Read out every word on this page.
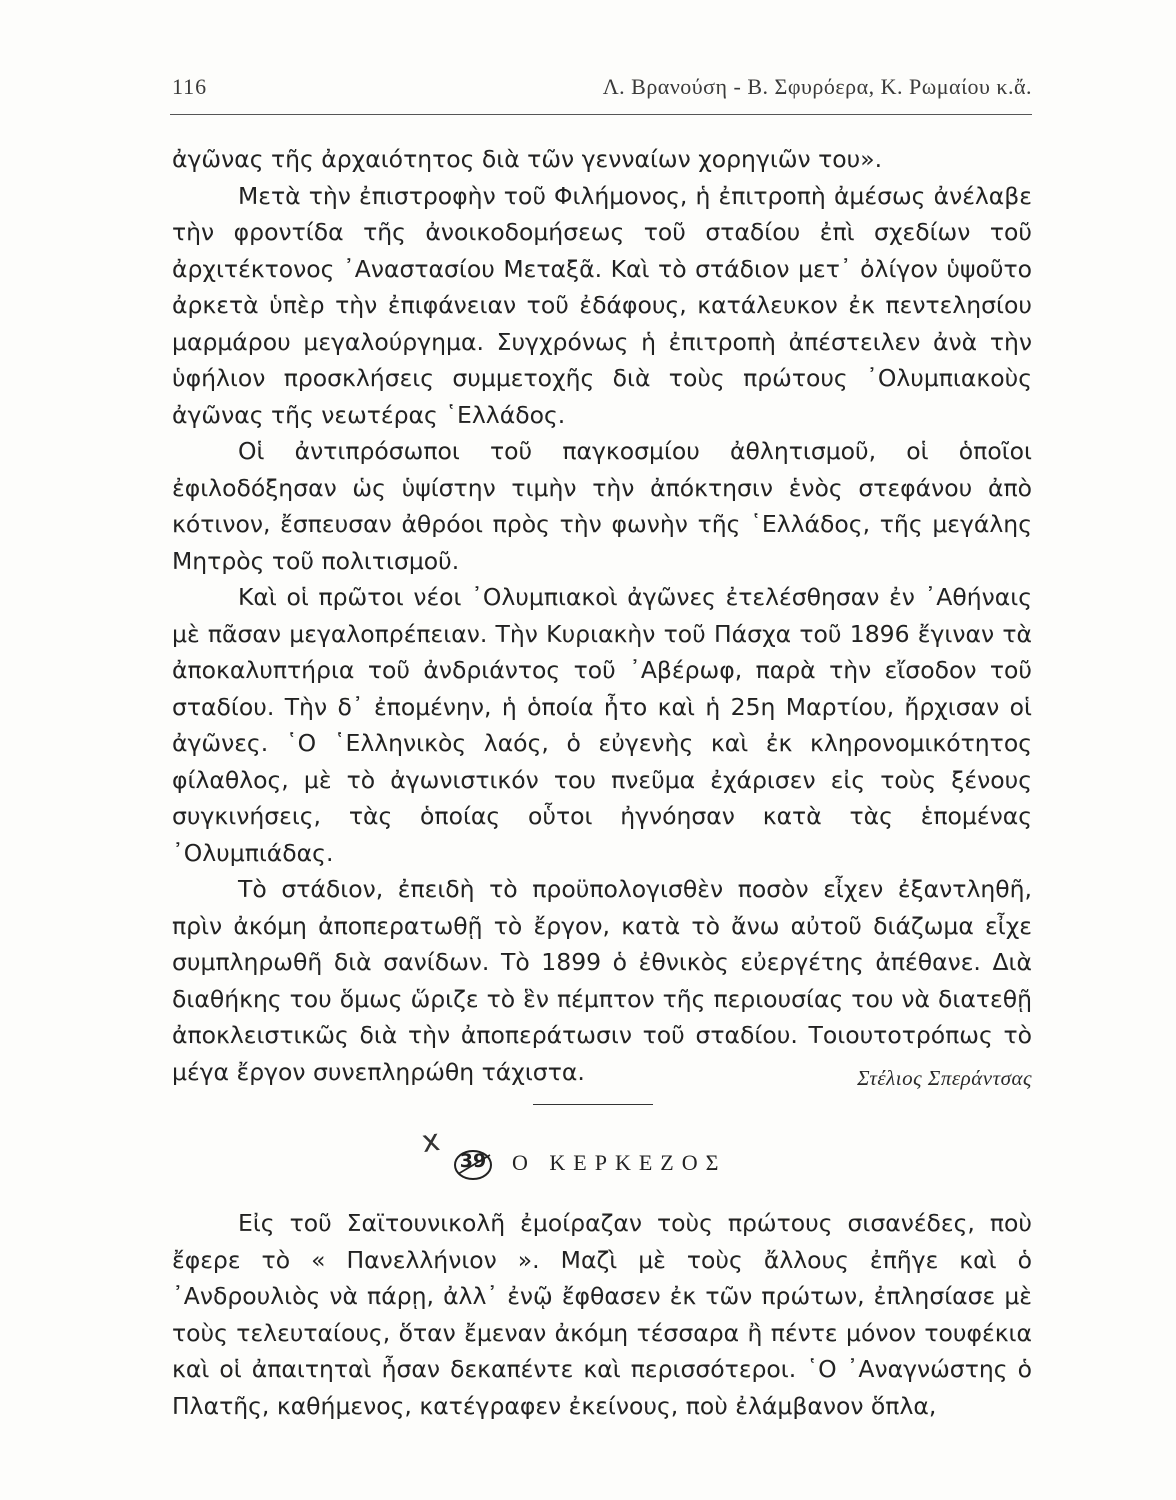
116	Λ. Βρανούση - Β. Σφυρόερα, Κ. Ρωμαίου κ.ἄ.

ἀγῶνας τῆς ἀρχαιότητος διὰ τῶν γενναίων χορηγιῶν του».

Μετὰ τὴν ἐπιστροφὴν τοῦ Φιλήμονος, ἡ ἐπιτροπὴ ἀμέσως ἀνέλαβε τὴν φροντίδα τῆς ἀνοικοδομήσεως τοῦ σταδίου ἐπὶ σχεδίων τοῦ ἀρχιτέκτονος ᾿Αναστασίου Μεταξᾶ. Καὶ τὸ στάδιον μετ᾿ ὀλίγον ὑψοῦτο ἀρκετὰ ὑπὲρ τὴν ἐπιφάνειαν τοῦ ἐδάφους, κατάλευκον ἐκ πεντελησίου μαρμάρου μεγαλούργημα. Συγχρόνως ἡ ἐπιτροπὴ ἀπέστειλεν ἀνὰ τὴν ὑφήλιον προσκλήσεις συμμετοχῆς διὰ τοὺς πρώτους ᾿Ολυμπιακοὺς ἀγῶνας τῆς νεωτέρας ῾Ελλάδος.

Οἱ ἀντιπρόσωποι τοῦ παγκοσμίου ἀθλητισμοῦ, οἱ ὁποῖοι ἐφιλοδόξησαν ὡς ὑψίστην τιμὴν τὴν ἀπόκτησιν ἑνὸς στεφάνου ἀπὸ κότινον, ἔσπευσαν ἀθρόοι πρὸς τὴν φωνὴν τῆς ῾Ελλάδος, τῆς μεγάλης Μητρὸς τοῦ πολιτισμοῦ.

Καὶ οἱ πρῶτοι νέοι ᾿Ολυμπιακοὶ ἀγῶνες ἐτελέσθησαν ἐν ᾿Αθήναις μὲ πᾶσαν μεγαλοπρέπειαν. Τὴν Κυριακὴν τοῦ Πάσχα τοῦ 1896 ἔγιναν τὰ ἀποκαλυπτήρια τοῦ ἀνδριάντος τοῦ ᾿Αβέρωφ, παρὰ τὴν εἴσοδον τοῦ σταδίου. Τὴν δ᾿ ἐπομένην, ἡ ὁποία ἦτο καὶ ἡ 25η Μαρτίου, ἤρχισαν οἱ ἀγῶνες. ῾Ο ῾Ελληνικὸς λαός, ὁ εὐγενὴς καὶ ἐκ κληρονομικότητος φίλαθλος, μὲ τὸ ἀγωνιστικόν του πνεῦμα ἐχάρισεν εἰς τοὺς ξένους συγκινήσεις, τὰς ὁποίας οὗτοι ἠγνόησαν κατὰ τὰς ἑπομένας ᾿Ολυμπιάδας.

Τὸ στάδιον, ἐπειδὴ τὸ προϋπολογισθὲν ποσὸν εἶχεν ἐξαντληθῆ, πρὶν ἀκόμη ἀποπερατωθῇ τὸ ἔργον, κατὰ τὸ ἄνω αὐτοῦ διάζωμα εἶχε συμπληρωθῆ διὰ σανίδων. Τὸ 1899 ὁ ἐθνικὸς εὐεργέτης ἀπέθανε. Διὰ διαθήκης του ὅμως ὥριζε τὸ ἓν πέμπτον τῆς περιουσίας του νὰ διατεθῇ ἀποκλειστικῶς διὰ τὴν ἀποπεράτωσιν τοῦ σταδίου. Τοιουτοτρόπως τὸ μέγα ἔργον συνεπληρώθη τάχιστα.	Στέλιος Σπεράντσας
x
39	Ο ΚΕΡΚΕΖΟΣ

Εἰς τοῦ Σαϊτουνικολῆ ἐμοίραζαν τοὺς πρώτους σισανέδες, ποὺ ἔφερε τὸ « Πανελλήνιον ». Μαζὶ μὲ τοὺς ἄλλους ἐπῆγε καὶ ὁ ᾿Ανδρουλιὸς νὰ πάρῃ, ἀλλ᾿ ἐνῷ ἔφθασεν ἐκ τῶν πρώτων, ἐπλησίασε μὲ τοὺς τελευταίους, ὅταν ἔμεναν ἀκόμη τέσσαρα ἢ πέντε μόνον τουφέκια καὶ οἱ ἀπαιτηταὶ ἦσαν δεκαπέντε καὶ περισσότεροι. ῾Ο ᾿Αναγνώστης ὁ Πλατῆς, καθήμενος, κατέγραφεν ἐκείνους, ποὺ ἐλάμβανον ὅπλα,
